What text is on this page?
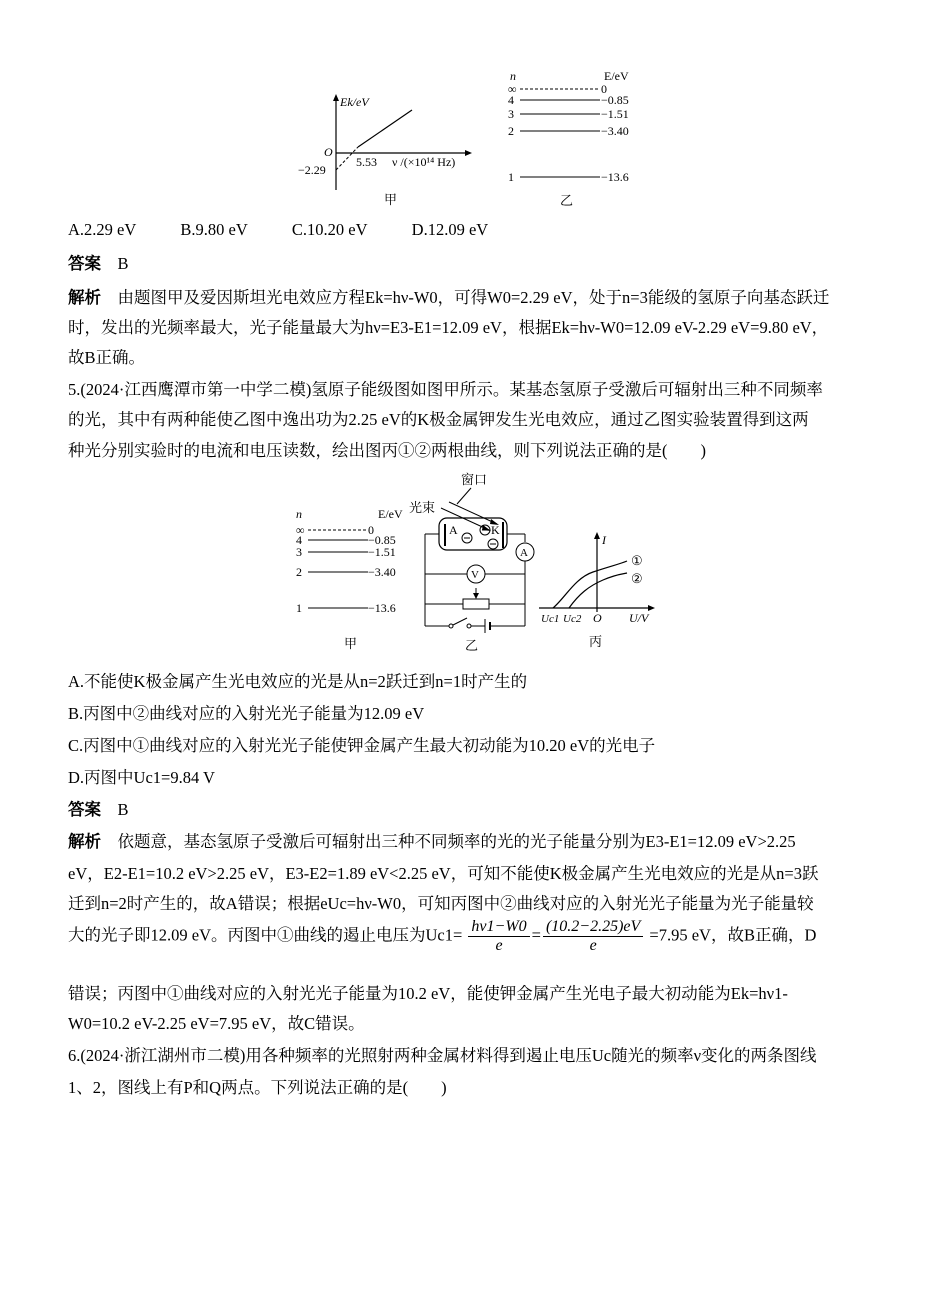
Ek/eV
O
5.53
−2.29
ν /(×10¹⁴ Hz)
甲
n	E/eV
∞	0
4	−0.85
3	−1.51
2	−3.40
1	−13.6
乙
A.2.29 eV	B.9.80 eV	C.10.20 eV	D.12.09 eV
答案 B
解析 由题图甲及爱因斯坦光电效应方程Ek=hν-W0，可得W0=2.29 eV，处于n=3能级的氢原子向基态跃迁
时，发出的光频率最大，光子能量最大为hν=E3-E1=12.09 eV，根据Ek=hν-W0=12.09 eV-2.29 eV=9.80 eV，
故B正确。
5.(2024·江西鹰潭市第一中学二模)氢原子能级图如图甲所示。某基态氢原子受激后可辐射出三种不同频率
的光，其中有两种能使乙图中逸出功为2.25 eV的K极金属钾发生光电效应，通过乙图实验装置得到这两
种光分别实验时的电流和电压读数，绘出图丙①②两根曲线，则下列说法正确的是(　　)
n	E/eV
∞	0
4	−0.85
3	−1.51
2	−3.40
1	−13.6
甲
窗口
光束
A	K
A
V
乙
I
①
②
Uc1 Uc2 O U/V
丙
A.不能使K极金属产生光电效应的光是从n=2跃迁到n=1时产生的
B.丙图中②曲线对应的入射光光子能量为12.09 eV
C.丙图中①曲线对应的入射光光子能使钾金属产生最大初动能为10.20 eV的光电子
D.丙图中Uc1=9.84 V
答案 B
解析 依题意，基态氢原子受激后可辐射出三种不同频率的光的光子能量分别为E3-E1=12.09 eV>2.25
eV，E2-E1=10.2 eV>2.25 eV，E3-E2=1.89 eV<2.25 eV，可知不能使K极金属产生光电效应的光是从n=3跃
迁到n=2时产生的，故A错误；根据eUc=hν-W0，可知丙图中②曲线对应的入射光光子能量为光子能量较
大的光子即12.09 eV。丙图中①曲线的遏止电压为$Uc1= \frac{h\nu 1-W0}{e} = \frac{(10.2-2.25)eV}{e} =7.95$ eV，故B正确，D
错误；丙图中①曲线对应的入射光光子能量为10.2 eV，能使钾金属产生光电子最大初动能为Ek=hν1-
W0=10.2 eV-2.25 eV=7.95 eV，故C错误。
6.(2024·浙江湖州市二模)用各种频率的光照射两种金属材料得到遏止电压Uc随光的频率ν变化的两条图线
1、2，图线上有P和Q两点。下列说法正确的是(　　)
